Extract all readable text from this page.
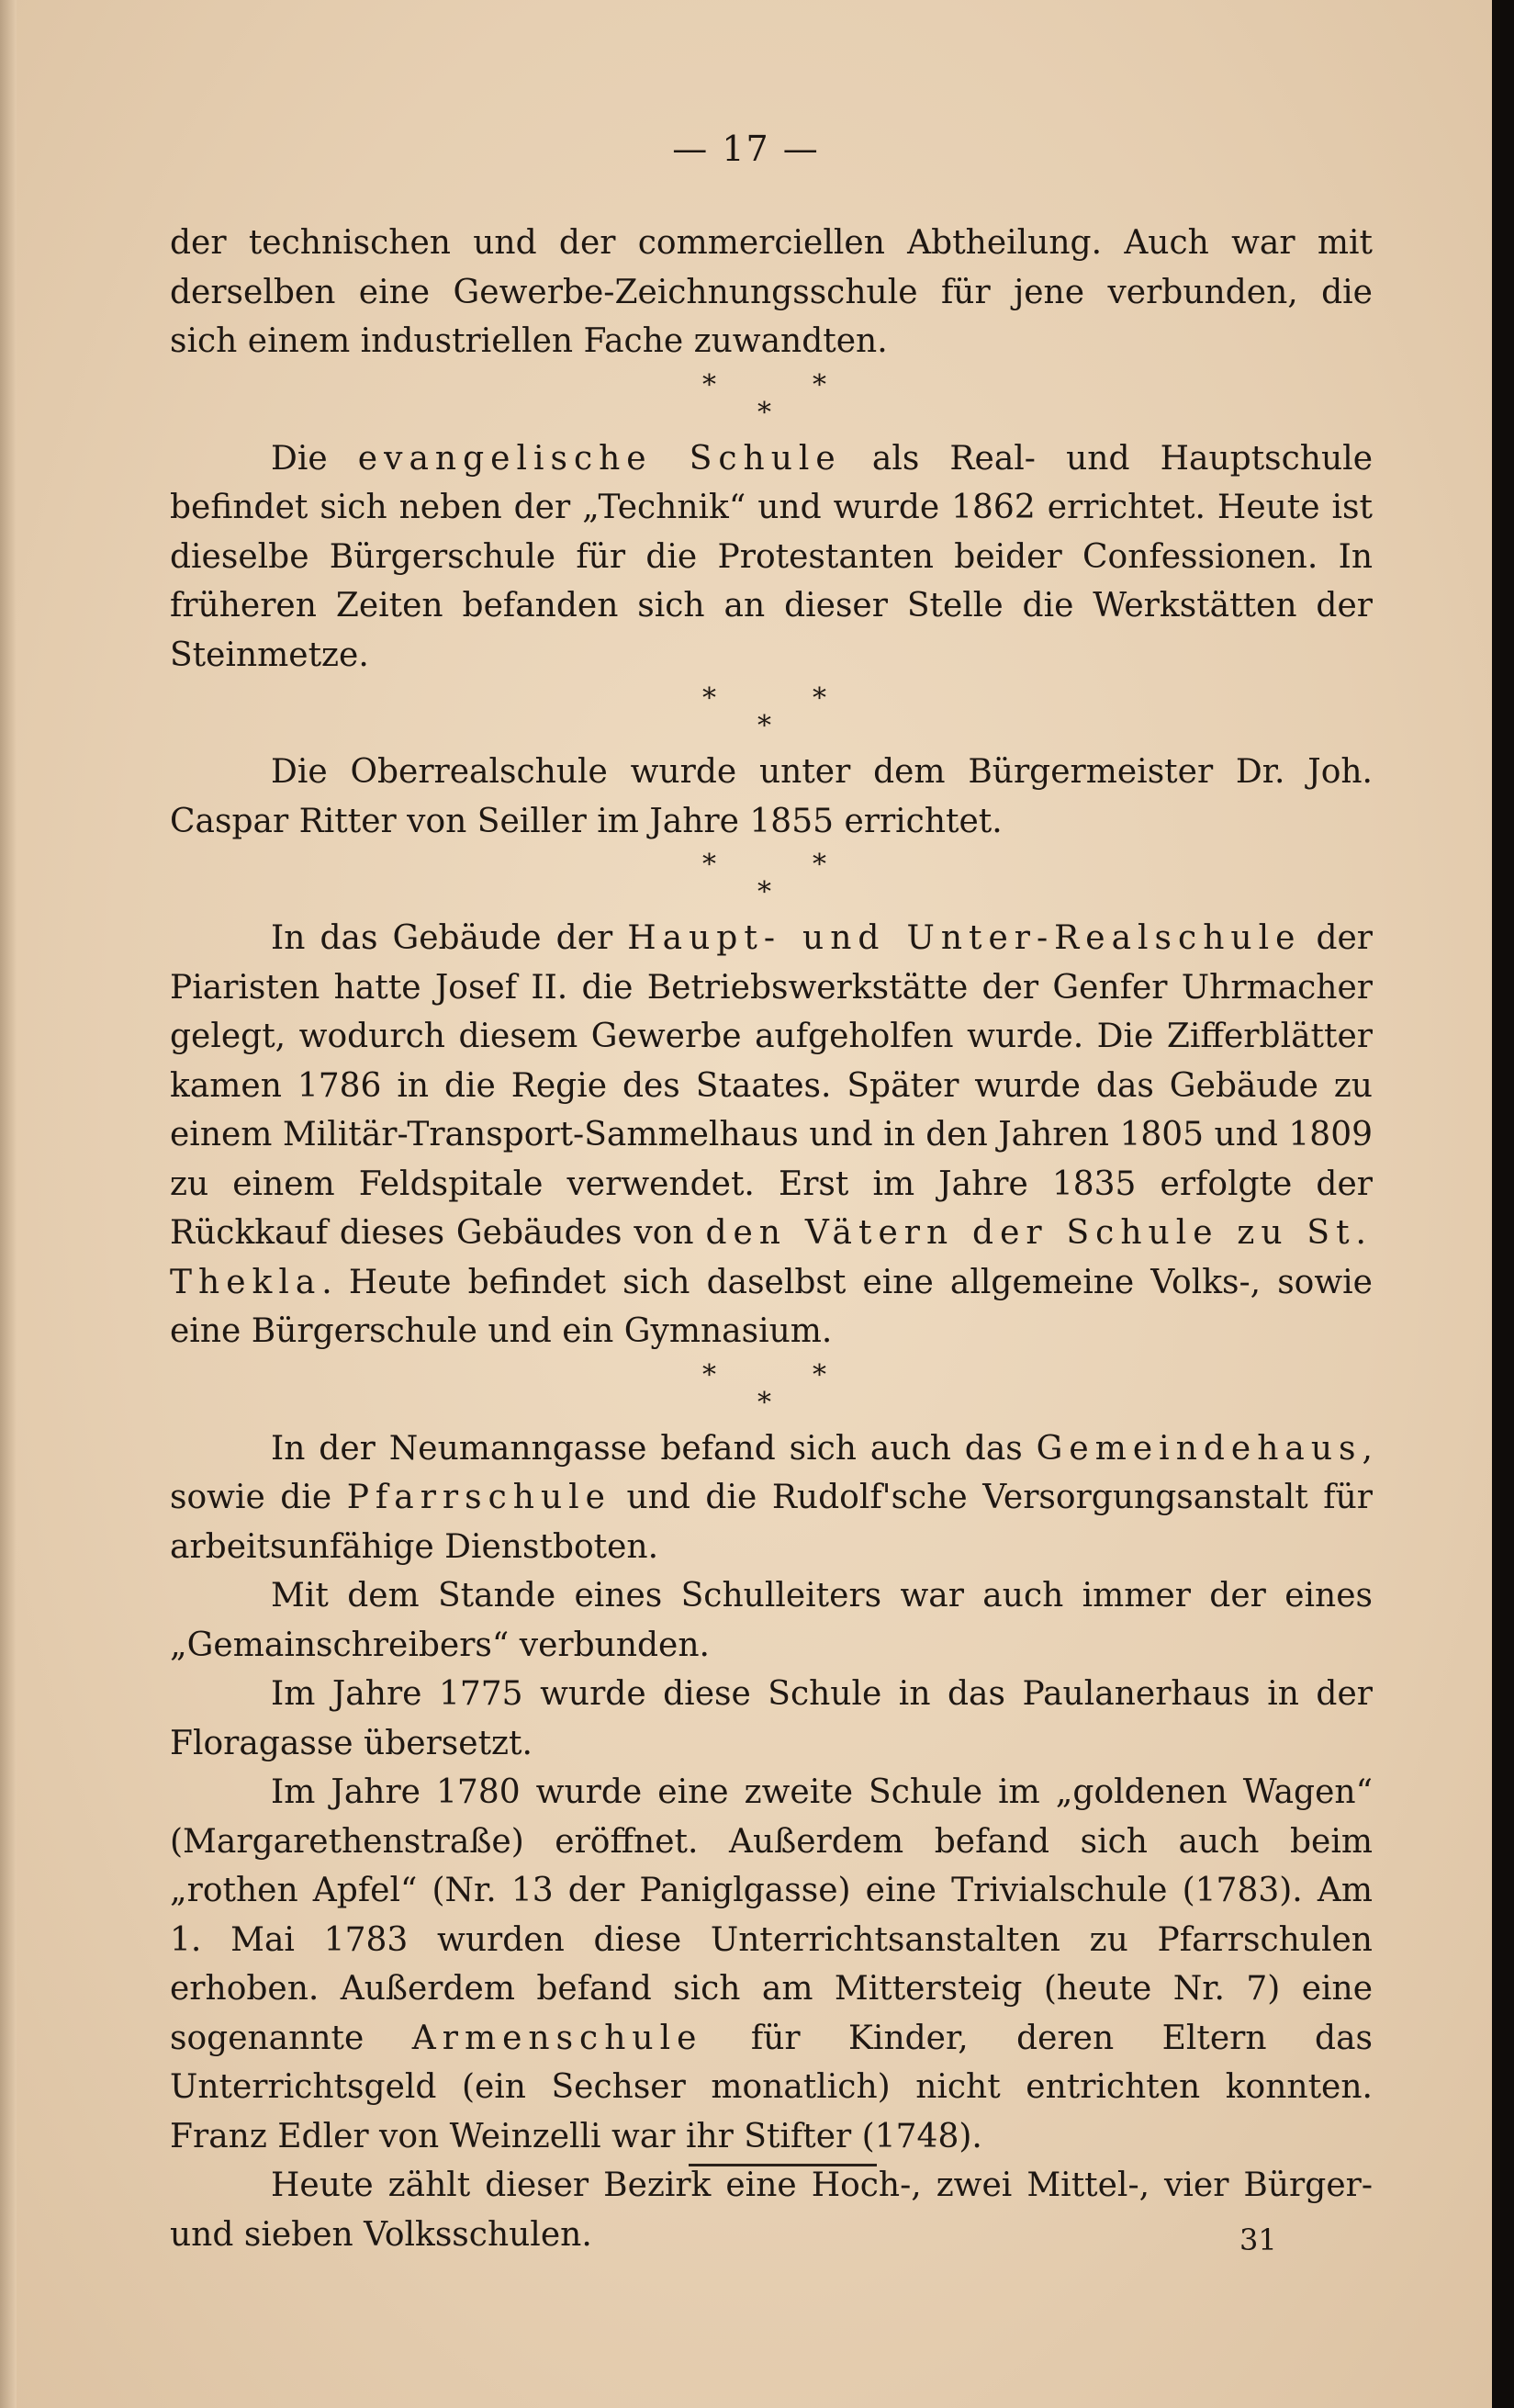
— 17 —

der technischen und der commerciellen Abtheilung. Auch war mit derselben eine Gewerbe-Zeichnungsschule für jene verbunden, die sich einem industriellen Fache zuwandten.

*	*
*

Die evangelische Schule als Real- und Hauptschule befindet sich neben der „Technik“ und wurde 1862 errichtet. Heute ist dieselbe Bürgerschule für die Protestanten beider Confessionen. In früheren Zeiten befanden sich an dieser Stelle die Werkstätten der Steinmetze.

*	*
*

Die Oberrealschule wurde unter dem Bürgermeister Dr. Joh. Caspar Ritter von Seiller im Jahre 1855 errichtet.

*	*
*

In das Gebäude der Haupt- und Unter-Realschule der Piaristen hatte Josef II. die Betriebswerkstätte der Genfer Uhrmacher gelegt, wodurch diesem Gewerbe aufgeholfen wurde. Die Zifferblätter kamen 1786 in die Regie des Staates. Später wurde das Gebäude zu einem Militär-Transport-Sammelhaus und in den Jahren 1805 und 1809 zu einem Feldspitale verwendet. Erst im Jahre 1835 erfolgte der Rückkauf dieses Gebäudes von den Vätern der Schule zu St. Thekla. Heute befindet sich daselbst eine allgemeine Volks-, sowie eine Bürgerschule und ein Gymnasium.

*	*
*

In der Neumanngasse befand sich auch das Gemeindehaus, sowie die Pfarrschule und die Rudolf'sche Versorgungsanstalt für arbeitsunfähige Dienstboten.

Mit dem Stande eines Schulleiters war auch immer der eines „Gemainschreibers“ verbunden.

Im Jahre 1775 wurde diese Schule in das Paulanerhaus in der Floragasse übersetzt.

Im Jahre 1780 wurde eine zweite Schule im „goldenen Wagen“ (Margarethenstraße) eröffnet. Außerdem befand sich auch beim „rothen Apfel“ (Nr. 13 der Paniglgasse) eine Trivialschule (1783). Am 1. Mai 1783 wurden diese Unterrichtsanstalten zu Pfarrschulen erhoben. Außerdem befand sich am Mittersteig (heute Nr. 7) eine sogenannte Armenschule für Kinder, deren Eltern das Unterrichtsgeld (ein Sechser monatlich) nicht entrichten konnten. Franz Edler von Weinzelli war ihr Stifter (1748).

Heute zählt dieser Bezirk eine Hoch-, zwei Mittel-, vier Bürger- und sieben Volksschulen.	31
